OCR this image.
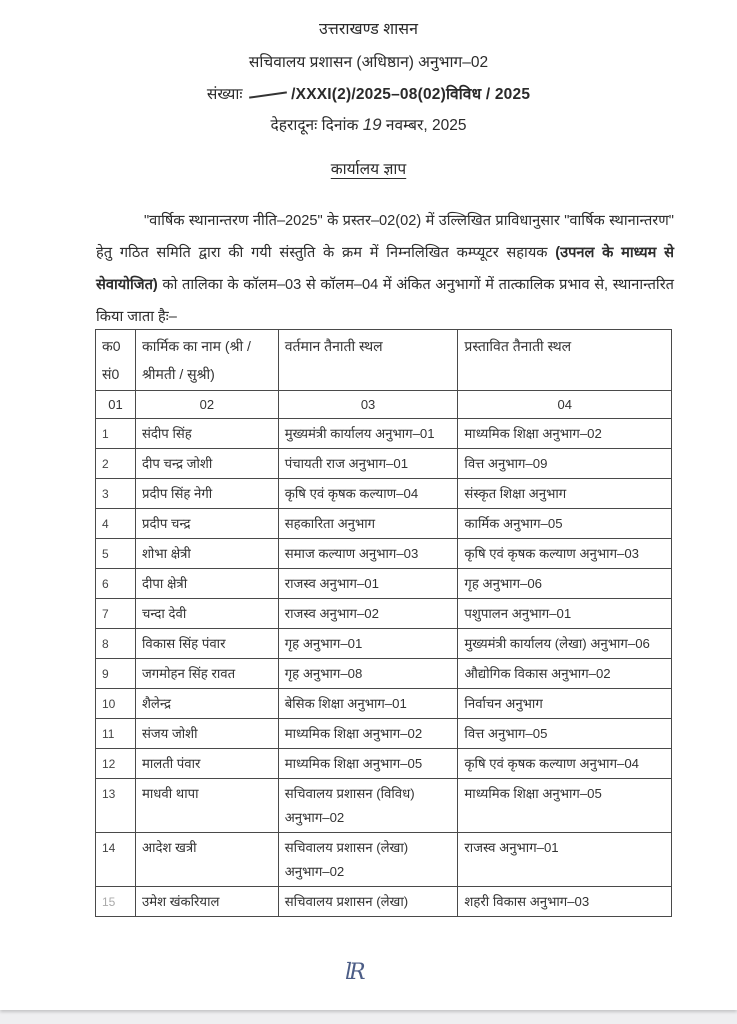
उत्तराखण्ड शासन
सचिवालय प्रशासन (अधिष्ठान) अनुभाग–02
संख्याः	/XXXI(2)/2025–08(02)विविध / 2025
देहरादूनः दिनांक 19 नवम्बर, 2025
कार्यालय ज्ञाप
"वार्षिक स्थानान्तरण नीति–2025" के प्रस्तर–02(02) में उल्लिखित प्राविधानुसार "वार्षिक स्थानान्तरण" हेतु गठित समिति द्वारा की गयी संस्तुति के क्रम में निम्नलिखित कम्प्यूटर सहायक (उपनल के माध्यम से सेवायोजित) को तालिका के कॉलम–03 से कॉलम–04 में अंकित अनुभागों में तात्कालिक प्रभाव से, स्थानान्तरित किया जाता हैः–
क0 सं0	कार्मिक का नाम (श्री / श्रीमती / सुश्री)	वर्तमान तैनाती स्थल	प्रस्तावित तैनाती स्थल
01	02	03	04
1	संदीप सिंह	मुख्यमंत्री कार्यालय अनुभाग–01	माध्यमिक शिक्षा अनुभाग–02
2	दीप चन्द्र जोशी	पंचायती राज अनुभाग–01	वित्त अनुभाग–09
3	प्रदीप सिंह नेगी	कृषि एवं कृषक कल्याण–04	संस्कृत शिक्षा अनुभाग
4	प्रदीप चन्द्र	सहकारिता अनुभाग	कार्मिक अनुभाग–05
5	शोभा क्षेत्री	समाज कल्याण अनुभाग–03	कृषि एवं कृषक कल्याण अनुभाग–03
6	दीपा क्षेत्री	राजस्व अनुभाग–01	गृह अनुभाग–06
7	चन्दा देवी	राजस्व अनुभाग–02	पशुपालन अनुभाग–01
8	विकास सिंह पंवार	गृह अनुभाग–01	मुख्यमंत्री कार्यालय (लेखा) अनुभाग–06
9	जगमोहन सिंह रावत	गृह अनुभाग–08	औद्योगिक विकास अनुभाग–02
10	शैलेन्द्र	बेसिक शिक्षा अनुभाग–01	निर्वाचन अनुभाग
11	संजय जोशी	माध्यमिक शिक्षा अनुभाग–02	वित्त अनुभाग–05
12	मालती पंवार	माध्यमिक शिक्षा अनुभाग–05	कृषि एवं कृषक कल्याण अनुभाग–04
13	माधवी थापा	सचिवालय प्रशासन (विविध) अनुभाग–02	माध्यमिक शिक्षा अनुभाग–05
14	आदेश खत्री	सचिवालय प्रशासन (लेखा) अनुभाग–02	राजस्व अनुभाग–01
15	उमेश खंकरियाल	सचिवालय प्रशासन (लेखा)	शहरी विकास अनुभाग–03
lR
